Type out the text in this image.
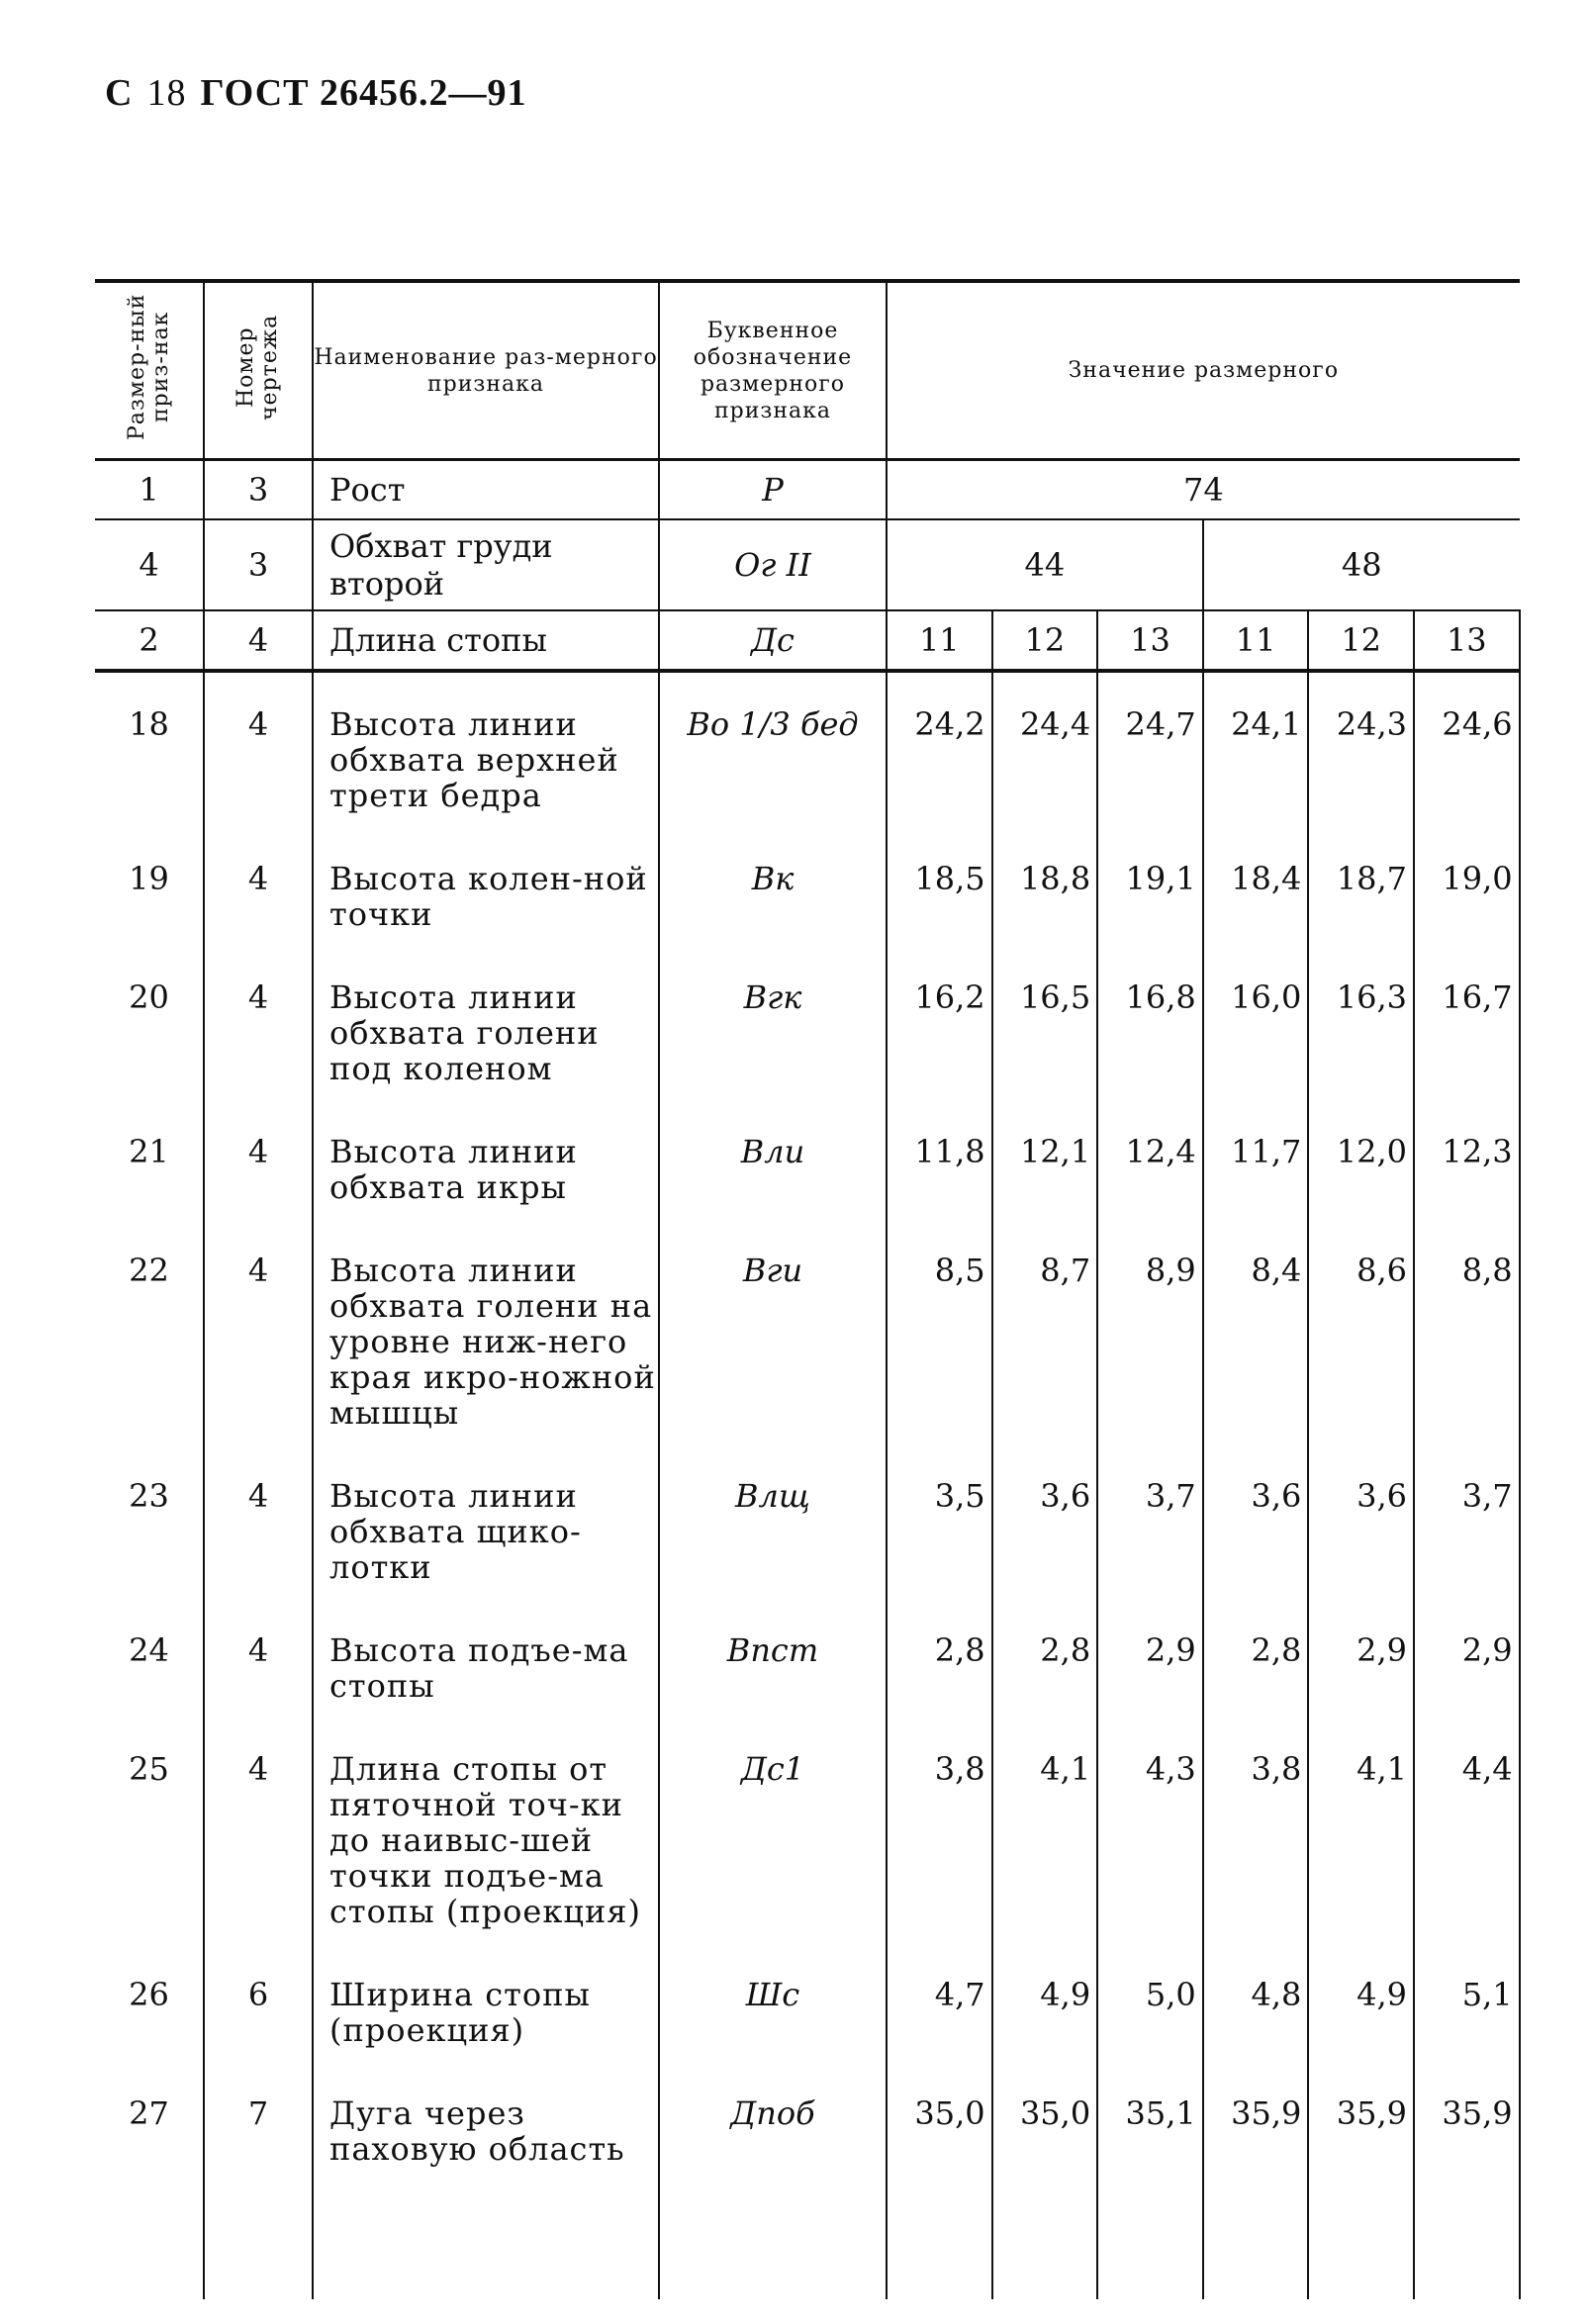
С 18 ГОСТ 26456.2—91
Размер-ный приз-нак	Номер чертежа	Наименование раз-мерного признака	Буквенное обозначение размерного признака	Значение размерного					
1	3	Рост	Р	74					
4	3	Обхват груди второй	Ог II	44			48		
2	4	Длина стопы	Дс	11	12	13	11	12	13
18	4	Высота линии обхвата верхней трети бедра	Во 1/3 бед	24,2	24,4	24,7	24,1	24,3	24,6
19	4	Высота колен-ной точки	Вк	18,5	18,8	19,1	18,4	18,7	19,0
20	4	Высота линии обхвата голени под коленом	Вгк	16,2	16,5	16,8	16,0	16,3	16,7
21	4	Высота линии обхвата икры	Вли	11,8	12,1	12,4	11,7	12,0	12,3
22	4	Высота линии обхвата голени на уровне ниж-него края икро-ножной мышцы	Вги	8,5	8,7	8,9	8,4	8,6	8,8
23	4	Высота линии обхвата щико-лотки	Влщ	3,5	3,6	3,7	3,6	3,6	3,7
24	4	Высота подъе-ма стопы	Впст	2,8	2,8	2,9	2,8	2,9	2,9
25	4	Длина стопы от пяточной точ-ки до наивыс-шей точки подъе-ма стопы (проекция)	Дс1	3,8	4,1	4,3	3,8	4,1	4,4
26	6	Ширина стопы (проекция)	Шс	4,7	4,9	5,0	4,8	4,9	5,1
27	7	Дуга через паховую область	Дпоб	35,0	35,0	35,1	35,9	35,9	35,9
